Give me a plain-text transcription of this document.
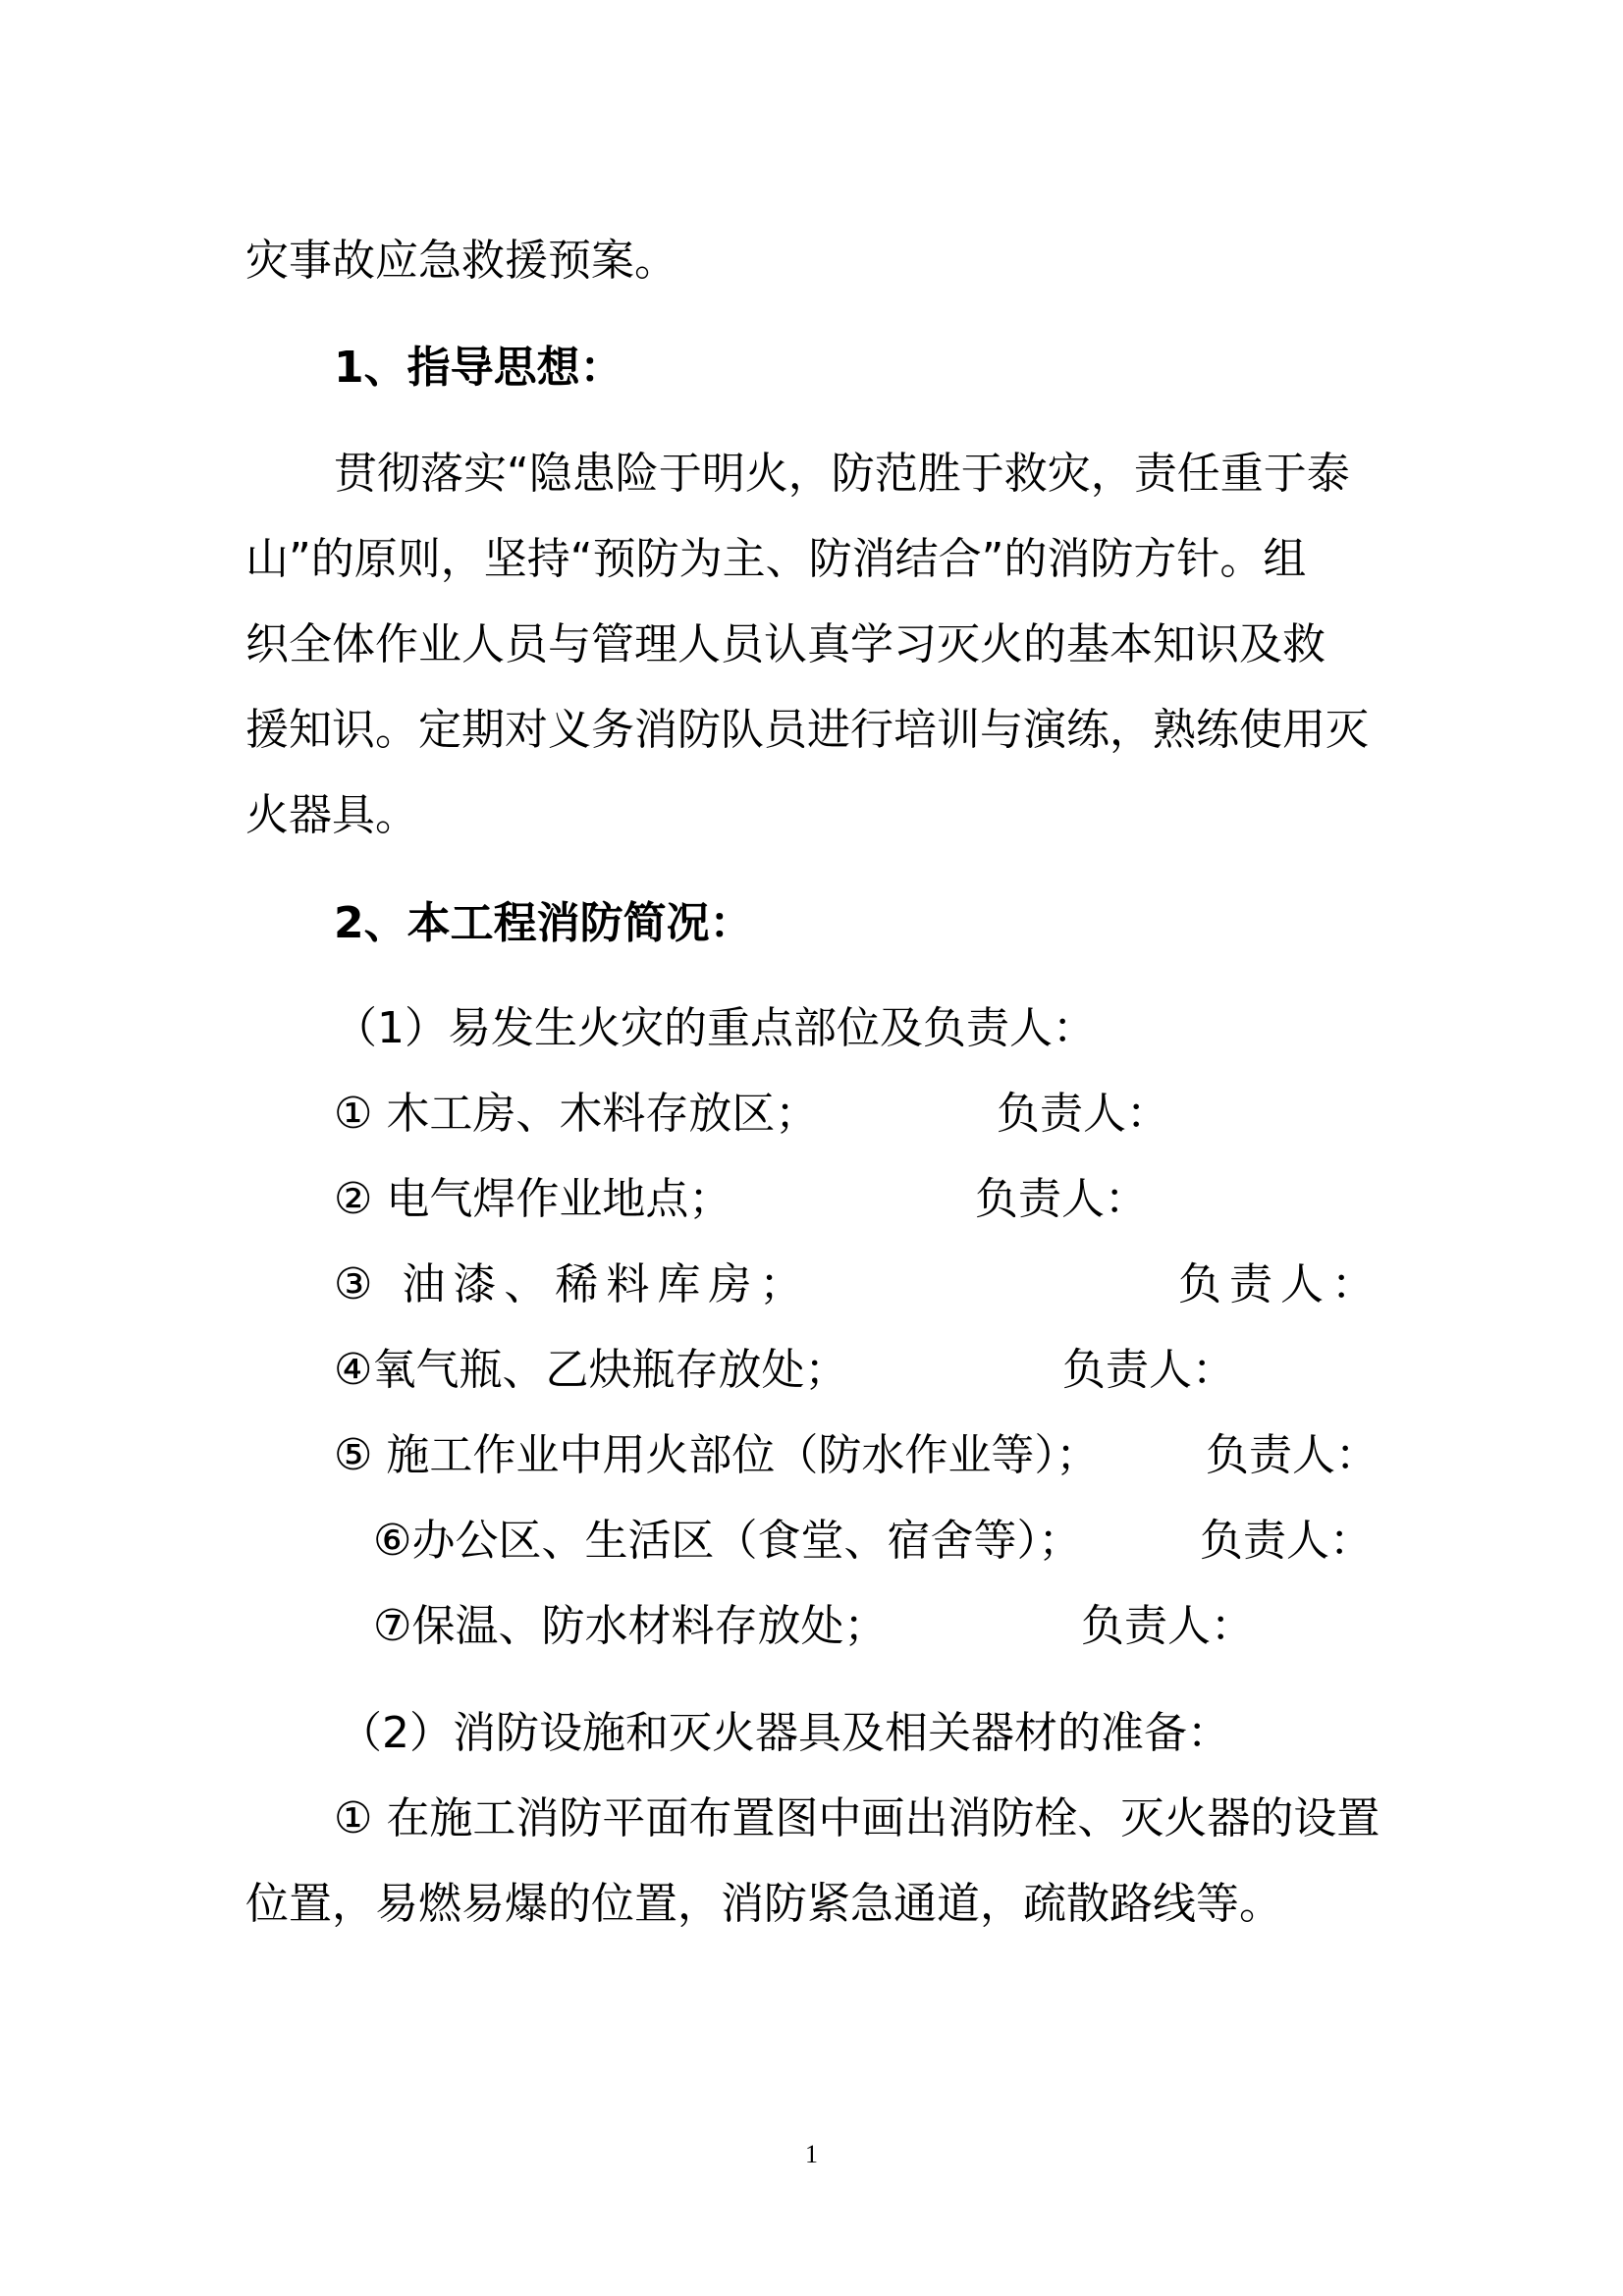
灾事故应急救援预案。
1、指导思想：
贯彻落实“隐患险于明火，防范胜于救灾，责任重于泰
山”的原则，坚持“预防为主、防消结合”的消防方针。组
织全体作业人员与管理人员认真学习灭火的基本知识及救
援知识。定期对义务消防队员进行培训与演练，熟练使用灭
火器具。
2、本工程消防简况：
（1）易发生火灾的重点部位及负责人：
① 木工房、木料存放区；	负责人：
② 电气焊作业地点；	负责人：
③ 油漆、稀料库房；	负责人：
④氧气瓶、乙炔瓶存放处；	负责人：
⑤ 施工作业中用火部位（防水作业等）； 负责人：
⑥办公区、生活区（食堂、宿舍等）；	负责人：
⑦保温、防水材料存放处；	负责人：
（2）消防设施和灭火器具及相关器材的准备：
① 在施工消防平面布置图中画出消防栓、灭火器的设置
位置，易燃易爆的位置，消防紧急通道，疏散路线等。
1
